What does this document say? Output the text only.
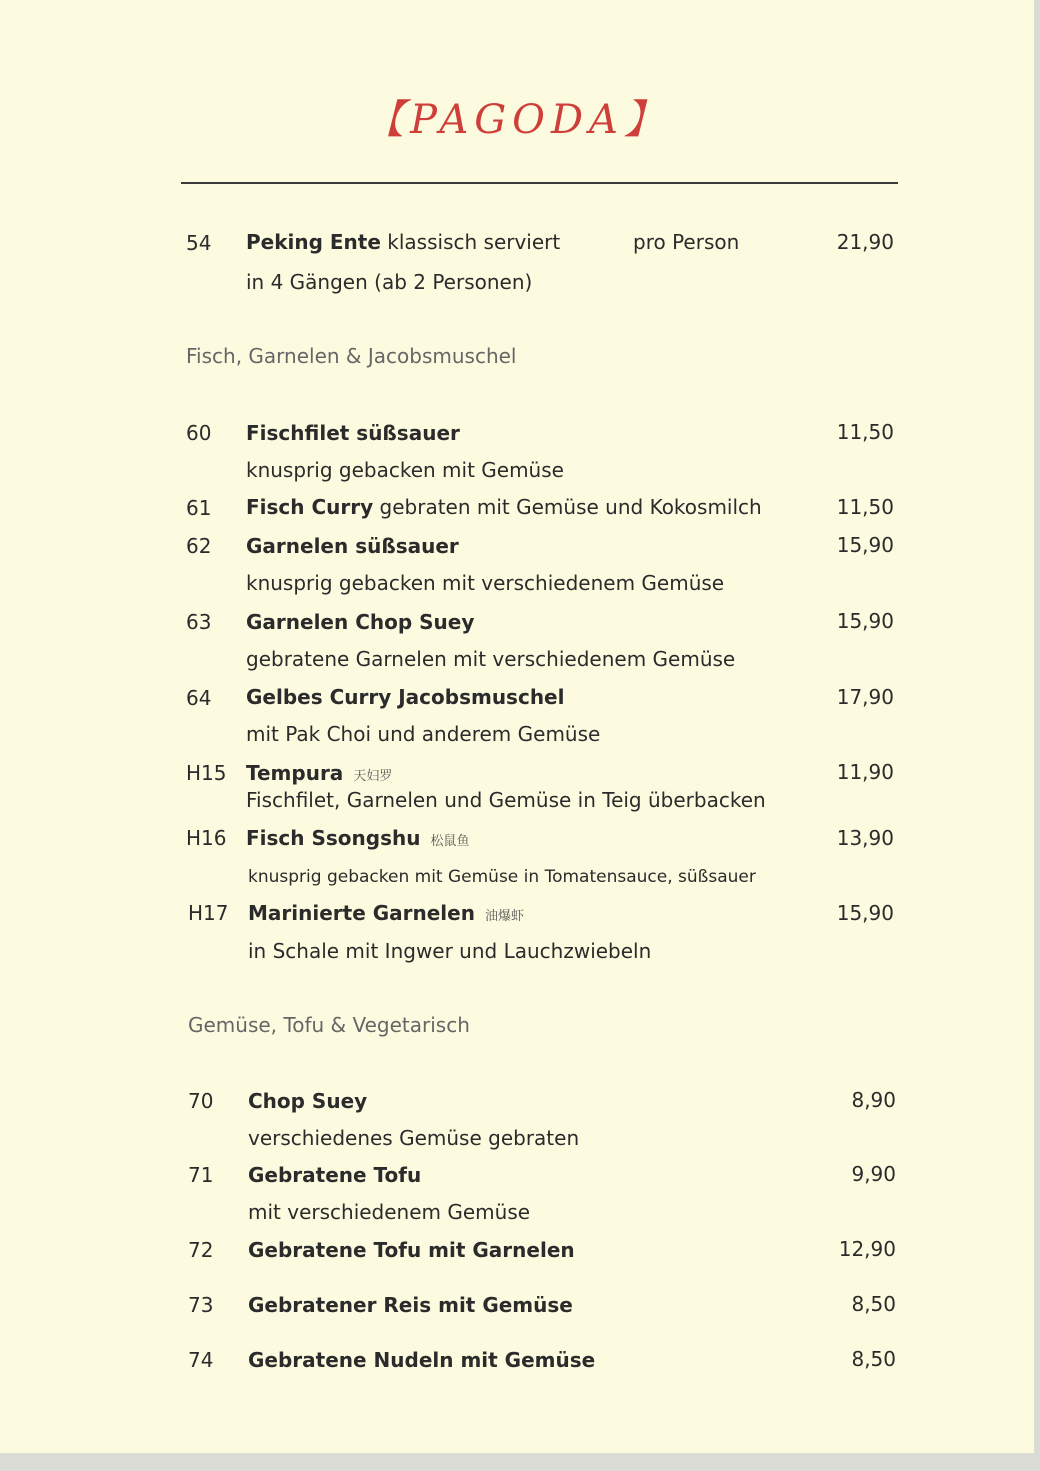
【PAGODA】
54 Peking Ente klassisch serviert	pro Person	21,90
in 4 Gängen (ab 2 Personen)
Fisch, Garnelen & Jacobsmuschel
60 Fischfilet süßsauer	11,50
knusprig gebacken mit Gemüse
61 Fisch Curry gebraten mit Gemüse und Kokosmilch	11,50
62 Garnelen süßsauer	15,90
knusprig gebacken mit verschiedenem Gemüse
63 Garnelen Chop Suey	15,90
gebratene Garnelen mit verschiedenem Gemüse
64 Gelbes Curry Jacobsmuschel	17,90
mit Pak Choi und anderem Gemüse
H15 Tempura 天妇罗	11,90
Fischfilet, Garnelen und Gemüse in Teig überbacken
H16 Fisch Ssongshu 松鼠鱼	13,90
knusprig gebacken mit Gemüse in Tomatensauce, süßsauer
H17 Marinierte Garnelen 油爆虾	15,90
in Schale mit Ingwer und Lauchzwiebeln
Gemüse, Tofu & Vegetarisch
70 Chop Suey	8,90
verschiedenes Gemüse gebraten
71 Gebratene Tofu	9,90
mit verschiedenem Gemüse
72 Gebratene Tofu mit Garnelen	12,90
73 Gebratener Reis mit Gemüse	8,50
74 Gebratene Nudeln mit Gemüse	8,50
